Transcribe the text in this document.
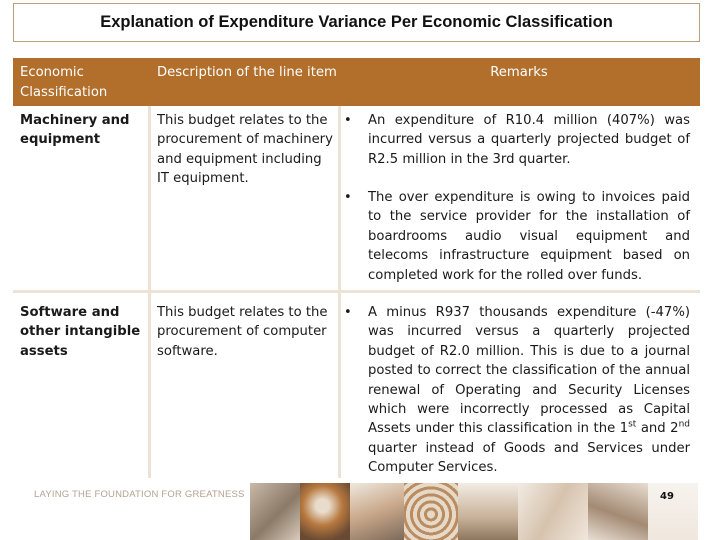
Explanation of Expenditure Variance Per Economic Classification
Economic Classification
Description of the line item	Remarks
Machinery and equipment
This budget relates to the procurement of machinery and equipment including IT equipment.
• An expenditure of R10.4 million (407%) was incurred versus a quarterly projected budget of R2.5 million in the 3rd quarter.
• The over expenditure is owing to invoices paid to the service provider for the installation of boardrooms audio visual equipment and telecoms infrastructure equipment based on completed work for the rolled over funds.
Software and other intangible assets
This budget relates to the procurement of computer software.
• A minus R937 thousands expenditure (-47%) was incurred versus a quarterly projected budget of R2.0 million. This is due to a journal posted to correct the classification of the annual renewal of Operating and Security Licenses which were incorrectly processed as Capital Assets under this classification in the 1st and 2nd quarter instead of Goods and Services under Computer Services.
LAYING THE FOUNDATION FOR GREATNESS	49
